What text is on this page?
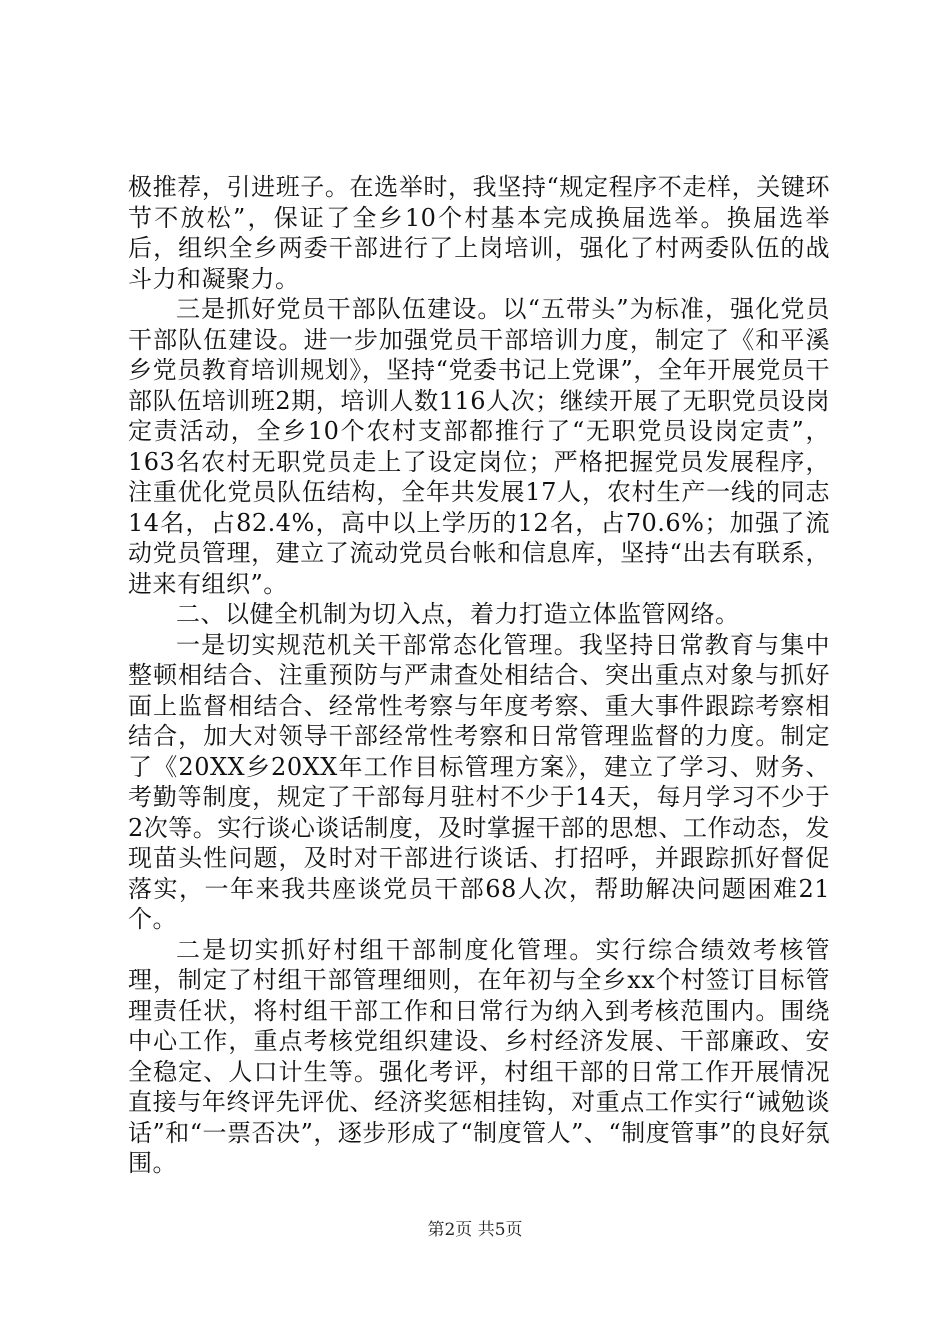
极推荐，引进班子。在选举时，我坚持“规定程序不走样，关键环节不放松”，保证了全乡10个村基本完成换届选举。换届选举后，组织全乡两委干部进行了上岗培训，强化了村两委队伍的战斗力和凝聚力。

三是抓好党员干部队伍建设。以“五带头”为标准，强化党员干部队伍建设。进一步加强党员干部培训力度，制定了《和平溪乡党员教育培训规划》，坚持“党委书记上党课”，全年开展党员干部队伍培训班2期，培训人数116人次；继续开展了无职党员设岗定责活动，全乡10个农村支部都推行了“无职党员设岗定责”，163名农村无职党员走上了设定岗位；严格把握党员发展程序，注重优化党员队伍结构，全年共发展17人，农村生产一线的同志14名，占82.4%，高中以上学历的12名，占70.6%；加强了流动党员管理，建立了流动党员台帐和信息库，坚持“出去有联系，进来有组织”。

二、以健全机制为切入点，着力打造立体监管网络。

一是切实规范机关干部常态化管理。我坚持日常教育与集中整顿相结合、注重预防与严肃查处相结合、突出重点对象与抓好面上监督相结合、经常性考察与年度考察、重大事件跟踪考察相结合，加大对领导干部经常性考察和日常管理监督的力度。制定了《20XX乡20XX年工作目标管理方案》，建立了学习、财务、考勤等制度，规定了干部每月驻村不少于14天，每月学习不少于2次等。实行谈心谈话制度，及时掌握干部的思想、工作动态，发现苗头性问题，及时对干部进行谈话、打招呼，并跟踪抓好督促落实，一年来我共座谈党员干部68人次，帮助解决问题困难21个。

二是切实抓好村组干部制度化管理。实行综合绩效考核管理，制定了村组干部管理细则，在年初与全乡xx个村签订目标管理责任状，将村组干部工作和日常行为纳入到考核范围内。围绕中心工作，重点考核党组织建设、乡村经济发展、干部廉政、安全稳定、人口计生等。强化考评，村组干部的日常工作开展情况直接与年终评先评优、经济奖惩相挂钩，对重点工作实行“诫勉谈话”和“一票否决”，逐步形成了“制度管人”、“制度管事”的良好氛围。

第2页 共5页
